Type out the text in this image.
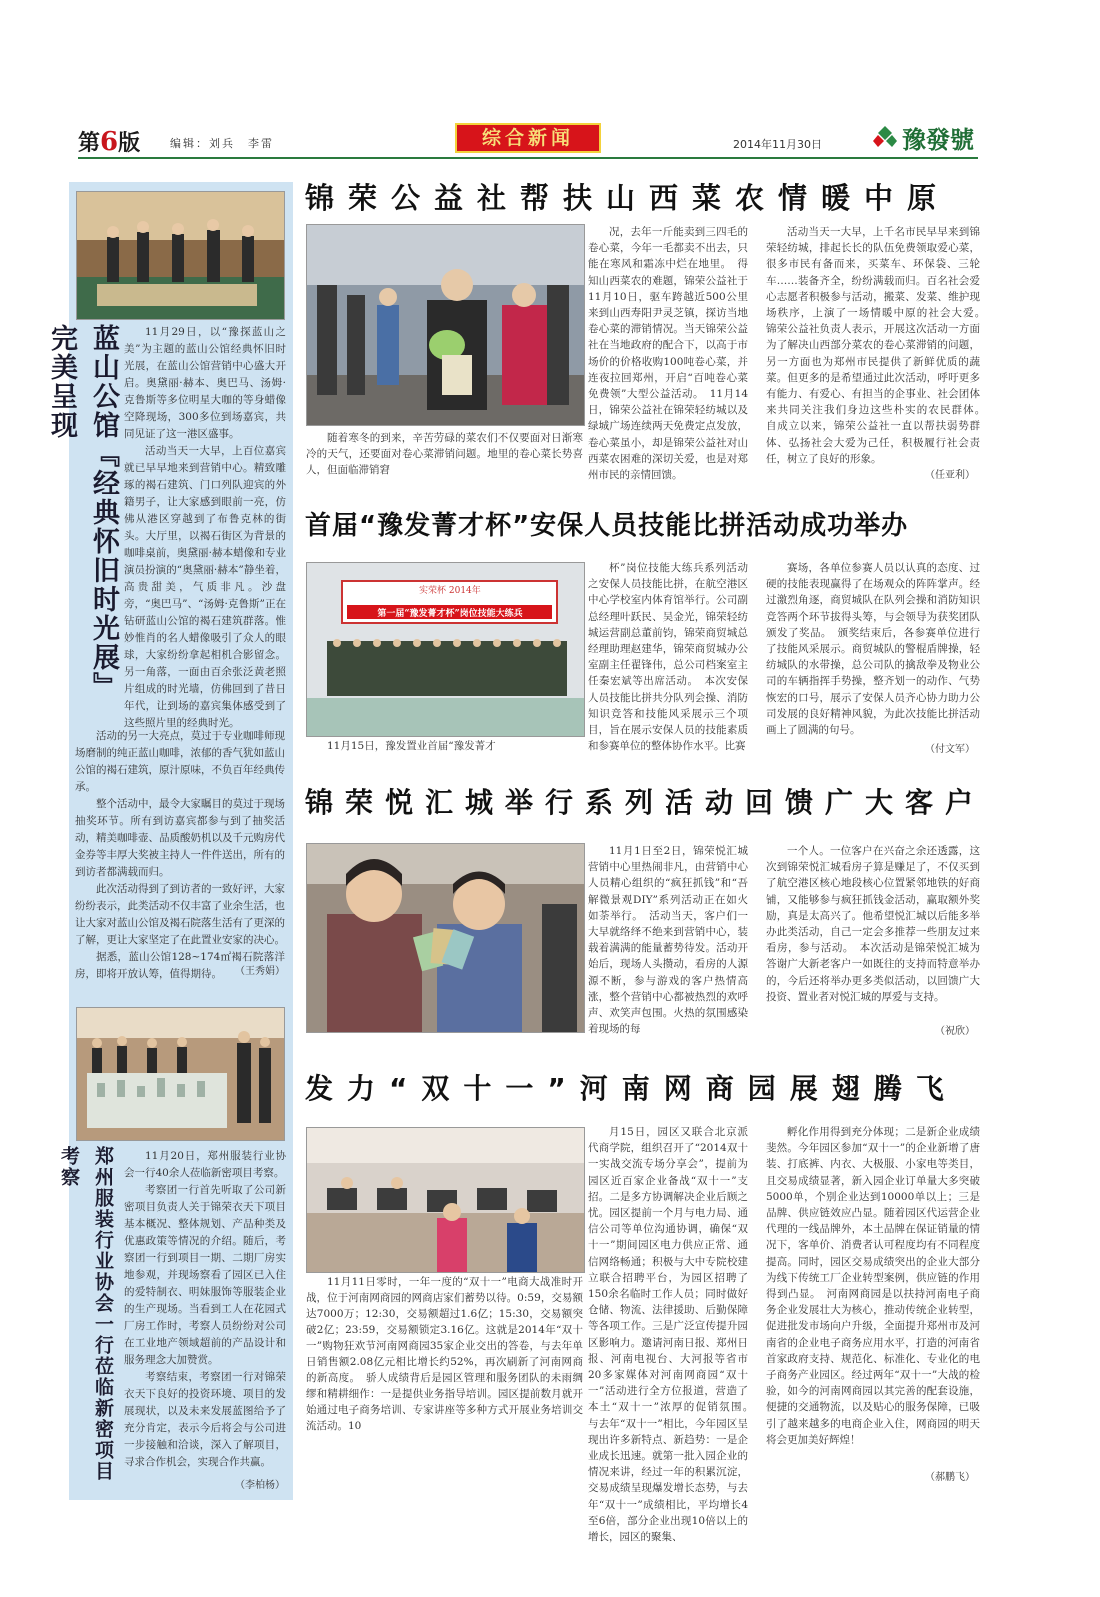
第6版	编辑：刘兵　李雷	综合新闻	2014年11月30日	豫發號
蓝山公馆『经典怀旧时光展』完美呈现	11月29日，以“豫探蓝山之美”为主题的蓝山公馆经典怀旧时光展，在蓝山公馆营销中心盛大开启。奥黛丽·赫本、奥巴马、汤姆·克鲁斯等多位明星大咖的等身蜡像空降现场，300多位到场嘉宾，共同见证了这一港区盛事。

活动当天一大早，上百位嘉宾就已早早地来到营销中心。精致雕琢的褐石建筑、门口列队迎宾的外籍男子，让大家感到眼前一亮，仿佛从港区穿越到了布鲁克林的街头。大厅里，以褐石街区为背景的咖啡桌前，奥黛丽·赫本蜡像和专业演员扮演的“奥黛丽·赫本”静坐着，高贵甜美，气质非凡。沙盘旁，“奥巴马”、“汤姆·克鲁斯”正在钻研蓝山公馆的褐石建筑群落。惟妙惟肖的名人蜡像吸引了众人的眼球，大家纷纷拿起相机合影留念。另一角落，一面由百余张泛黄老照片组成的时光墙，仿佛回到了昔日年代，让到场的嘉宾集体感受到了这些照片里的经典时光。

活动的另一大亮点，莫过于专业咖啡师现场磨制的纯正蓝山咖啡，浓郁的香气犹如蓝山公馆的褐石建筑，原汁原味，不负百年经典传承。

整个活动中，最令大家瞩目的莫过于现场抽奖环节。所有到访嘉宾都参与到了抽奖活动，精美咖啡壶、品质酸奶机以及千元购房代金券等丰厚大奖被主持人一件件送出，所有的到访者都满载而归。

此次活动得到了到访者的一致好评，大家纷纷表示，此类活动不仅丰富了业余生活，也让大家对蓝山公馆及褐石院落生活有了更深的了解，更让大家坚定了在此置业安家的决心。

据悉，蓝山公馆128~174㎡褐石院落洋房，即将开放认筹，值得期待。	（王秀娟）
郑州服装行业协会一行莅临新密项目考察	11月20日，郑州服装行业协会一行40余人莅临新密项目考察。

考察团一行首先听取了公司新密项目负责人关于锦荣衣天下项目基本概况、整体规划、产品种类及优惠政策等情况的介绍。随后，考察团一行到项目一期、二期厂房实地参观，并现场察看了园区已入住的爱特制衣、明妹服饰等服装企业的生产现场。当看到工人在花园式厂房工作时，考察人员纷纷对公司在工业地产领域超前的产品设计和服务理念大加赞赏。

考察结束，考察团一行对锦荣衣天下良好的投资环境、项目的发展现状，以及未来发展蓝图给予了充分肯定，表示今后将会与公司进一步接触和洽谈，深入了解项目，寻求合作机会，实现合作共赢。

（李柏杨）
锦荣公益社帮扶山西菜农情暖中原
随着寒冬的到来，辛苦劳碌的菜农们不仅要面对日渐寒冷的天气，还要面对卷心菜滞销问题。地里的卷心菜长势喜人，但面临滞销窘

况，去年一斤能卖到三四毛的卷心菜，今年一毛都卖不出去，只能在寒风和霜冻中烂在地里。　得知山西菜农的难题，锦荣公益社于11月10日，驱车跨越近500公里来到山西寿阳尹灵芝镇，探访当地卷心菜的滞销情况。当天锦荣公益社在当地政府的配合下，以高于市场价的价格收购100吨卷心菜，并连夜拉回郑州，开启“百吨卷心菜免费领”大型公益活动。　11月14日，锦荣公益社在锦荣轻纺城以及绿城广场连续两天免费定点发放，卷心菜虽小，却是锦荣公益社对山西菜农困难的深切关爱，也是对郑州市民的亲情回馈。

活动当天一大早，上千名市民早早来到锦荣轻纺城，排起长长的队伍免费领取爱心菜，很多市民有备而来，买菜车、环保袋、三轮车……装备齐全，纷纷满载而归。百名社会爱心志愿者积极参与活动，搬菜、发菜、维护现场秩序，上演了一场情暖中原的社会大爱。　锦荣公益社负责人表示，开展这次活动一方面为了解决山西部分菜农的卷心菜滞销的问题，另一方面也为郑州市民提供了新鲜优质的蔬菜。但更多的是希望通过此次活动，呼吁更多有能力、有爱心、有担当的企事业、社会团体来共同关注我们身边这些朴实的农民群体。　自成立以来，锦荣公益社一直以帮扶弱势群体、弘扬社会大爱为己任，积极履行社会责任，树立了良好的形象。

（任亚利）
首届“豫发菁才杯”安保人员技能比拼活动成功举办
实荣杯 2014年
第一届“豫发菁才杯”岗位技能大练兵
11月15日，豫发置业首届“豫发菁才

杯”岗位技能大练兵系列活动之安保人员技能比拼，在航空港区中心学校室内体育馆举行。公司副总经理叶跃民、吴金光，锦荣轻纺城运营副总董前钧，锦荣商贸城总经理助理赵建华，锦荣商贸城办公室副主任翟锋伟，总公司档案室主任秦宏斌等出席活动。　本次安保人员技能比拼共分队列会操、消防知识竞答和技能风采展示三个项目，旨在展示安保人员的技能素质和参赛单位的整体协作水平。比赛

赛场，各单位参赛人员以认真的态度、过硬的技能表现赢得了在场观众的阵阵掌声。经过激烈角逐，商贸城队在队列会操和消防知识竞答两个环节拔得头筹，与会领导为获奖团队颁发了奖品。　颁奖结束后，各参赛单位进行了技能风采展示。商贸城队的警棍盾牌操，轻纺城队的水带操，总公司队的擒敌拳及物业公司的车辆指挥手势操，整齐划一的动作、气势恢宏的口号，展示了安保人员齐心协力助力公司发展的良好精神风貌，为此次技能比拼活动画上了圆满的句号。

（付文军）
锦荣悦汇城举行系列活动回馈广大客户

11月1日至2日，锦荣悦汇城营销中心里热闹非凡，由营销中心人员精心组织的“疯狂抓钱”和“吾解微景观DIY”系列活动正在如火如荼举行。　活动当天，客户们一大早就络绎不绝来到营销中心，装载着满满的能量蓄势待发。活动开始后，现场人头攒动，看房的人源源不断，参与游戏的客户热情高涨，整个营销中心都被热烈的欢呼声、欢笑声包围。火热的氛围感染着现场的每

一个人。一位客户在兴奋之余还透露，这次到锦荣悦汇城看房子算是赚足了，不仅买到了航空港区核心地段核心位置紧邻地铁的好商铺，又能够参与疯狂抓钱金活动，赢取额外奖励，真是太高兴了。他希望悦汇城以后能多举办此类活动，自己一定会多推荐一些朋友过来看房，参与活动。　本次活动是锦荣悦汇城为答谢广大新老客户一如既往的支持而特意举办的，今后还将举办更多类似活动，以回馈广大投资、置业者对悦汇城的厚爱与支持。

（祝欣）
发力“双十一”河南网商园展翅腾飞

11月11日零时，一年一度的“双十一”电商大战准时开战，位于河南网商园的网商店家们蓄势以待。0:59，交易额达7000万；12:30，交易额超过1.6亿；15:30，交易额突破2亿；23:59，交易额锁定3.16亿。这就是2014年“双十一”购物狂欢节河南网商园35家企业交出的答卷，与去年单日销售额2.08亿元相比增长约52%，再次刷新了河南网商的新高度。　骄人成绩背后是园区管理和服务团队的未雨绸缪和精耕细作：一是提供业务指导培训。园区提前数月就开始通过电子商务培训、专家讲座等多种方式开展业务培训交流活动。10

月15日，园区又联合北京派代商学院，组织召开了“2014双十一实战交流专场分享会”，提前为园区近百家企业备战“双十一”支招。二是多方协调解决企业后顾之忧。园区提前一个月与电力局、通信公司等单位沟通协调，确保“双十一”期间园区电力供应正常、通信网络畅通；积极与大中专院校建立联合招聘平台，为园区招聘了150余名临时工作人员；同时做好仓储、物流、法律援助、后勤保障等各项工作。三是广泛宣传提升园区影响力。邀请河南日报、郑州日报、河南电视台、大河报等省市20多家媒体对河南网商园“双十一”活动进行全方位报道，营造了本土“双十一”浓厚的促销氛围。　与去年“双十一”相比，今年园区呈现出许多新特点、新趋势：一是企业成长迅速。就第一批入园企业的情况来讲，经过一年的积累沉淀，交易成绩呈现爆发增长态势，与去年“双十一”成绩相比，平均增长4至6倍，部分企业出现10倍以上的增长，园区的聚集、

孵化作用得到充分体现；二是新企业成绩斐然。今年园区参加“双十一”的企业新增了唐装、打底裤、内衣、大极服、小家电等类目，且交易成绩显著，新入园企业订单量大多突破5000单，个别企业达到10000单以上；三是品牌、供应链效应凸显。随着园区代运营企业代理的一线品牌外，本土品牌在保证销量的情况下，客单价、消费者认可程度均有不同程度提高。同时，园区交易成绩突出的企业大部分为线下传统工厂企业转型案例，供应链的作用得到凸显。　河南网商园是以扶持河南电子商务企业发展壮大为核心，推动传统企业转型，促进批发市场向户升级，全面提升郑州市及河南省的企业电子商务应用水平，打造的河南省首家政府支持、规范化、标准化、专业化的电子商务产业园区。经过两年“双十一”大战的检验，如今的河南网商园以其完善的配套设施，便捷的交通物流，以及贴心的服务保障，已吸引了越来越多的电商企业入住，网商园的明天将会更加美好辉煌！

（郝鹏飞）
